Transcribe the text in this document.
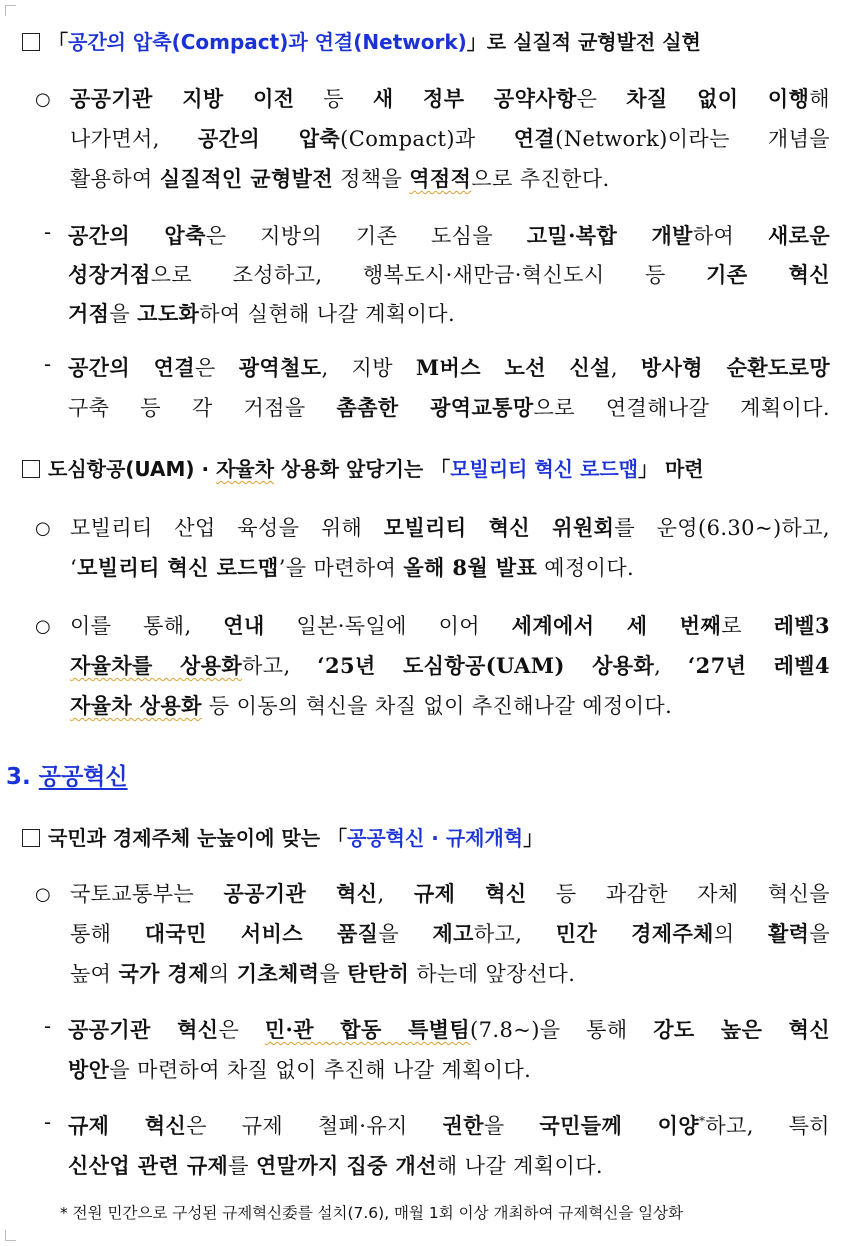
「공간의 압축(Compact)과 연결(Network)」로 실질적 균형발전 실현
○ 공공기관 지방 이전 등 새 정부 공약사항은 차질 없이 이행해
나가면서, 공간의 압축(Compact)과 연결(Network)이라는 개념을
활용하여 실질적인 균형발전 정책을 역점적으로 추진한다.
- 공간의 압축은 지방의 기존 도심을 고밀·복합 개발하여 새로운
성장거점으로 조성하고, 행복도시·새만금·혁신도시 등 기존 혁신
거점을 고도화하여 실현해 나갈 계획이다.
- 공간의 연결은 광역철도, 지방 M버스 노선 신설, 방사형 순환도로망
구축 등 각 거점을 촘촘한 광역교통망으로 연결해나갈 계획이다.
도심항공(UAM) · 자율차 상용화 앞당기는 「모빌리티 혁신 로드맵」 마련
○ 모빌리티 산업 육성을 위해 모빌리티 혁신 위원회를 운영(6.30~)하고,
‘모빌리티 혁신 로드맵’을 마련하여 올해 8월 발표 예정이다.
○ 이를 통해, 연내 일본·독일에 이어 세계에서 세 번째로 레벨3
자율차를 상용화하고, ‘25년 도심항공(UAM) 상용화, ‘27년 레벨4
자율차 상용화 등 이동의 혁신을 차질 없이 추진해나갈 예정이다.
3. 공공혁신
국민과 경제주체 눈높이에 맞는 「공공혁신 · 규제개혁」
○ 국토교통부는 공공기관 혁신, 규제 혁신 등 과감한 자체 혁신을
통해 대국민 서비스 품질을 제고하고, 민간 경제주체의 활력을
높여 국가 경제의 기초체력을 탄탄히 하는데 앞장선다.
- 공공기관 혁신은 민·관 합동 특별팀(7.8~)을 통해 강도 높은 혁신
방안을 마련하여 차질 없이 추진해 나갈 계획이다.
- 규제 혁신은 규제 철폐·유지 권한을 국민들께 이양*하고, 특히
신산업 관련 규제를 연말까지 집중 개선해 나갈 계획이다.
* 전원 민간으로 구성된 규제혁신委를 설치(7.6), 매월 1회 이상 개최하여 규제혁신을 일상화
